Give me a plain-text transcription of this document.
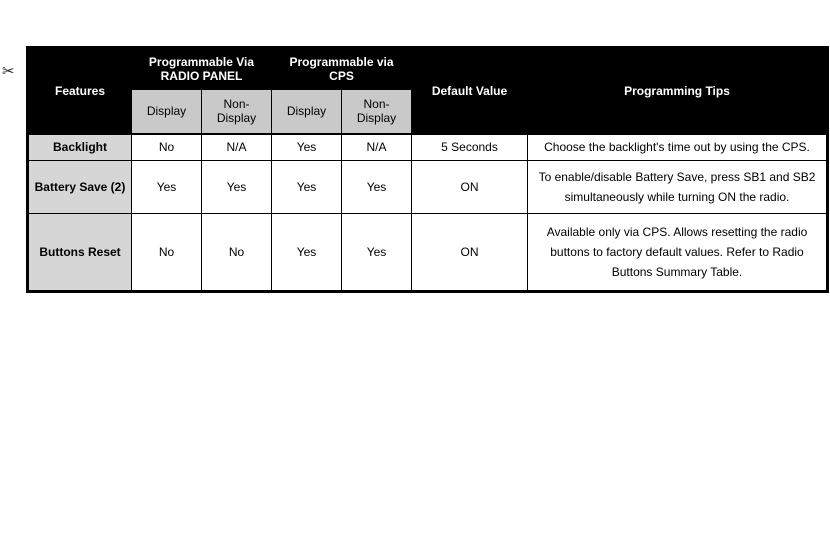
✂
Features	Programmable Via RADIO PANEL		Programmable via CPS		Default Value	Programming Tips
	Display	Non-Display	Display	Non-Display		
Backlight	No	N/A	Yes	N/A	5 Seconds	Choose the backlight's time out by using the CPS.
Battery Save (2)	Yes	Yes	Yes	Yes	ON	To enable/disable Battery Save, press SB1 and SB2 simultaneously while turning ON the radio.
Buttons Reset	No	No	Yes	Yes	ON	Available only via CPS. Allows resetting the radio buttons to factory default values. Refer to Radio Buttons Summary Table.
